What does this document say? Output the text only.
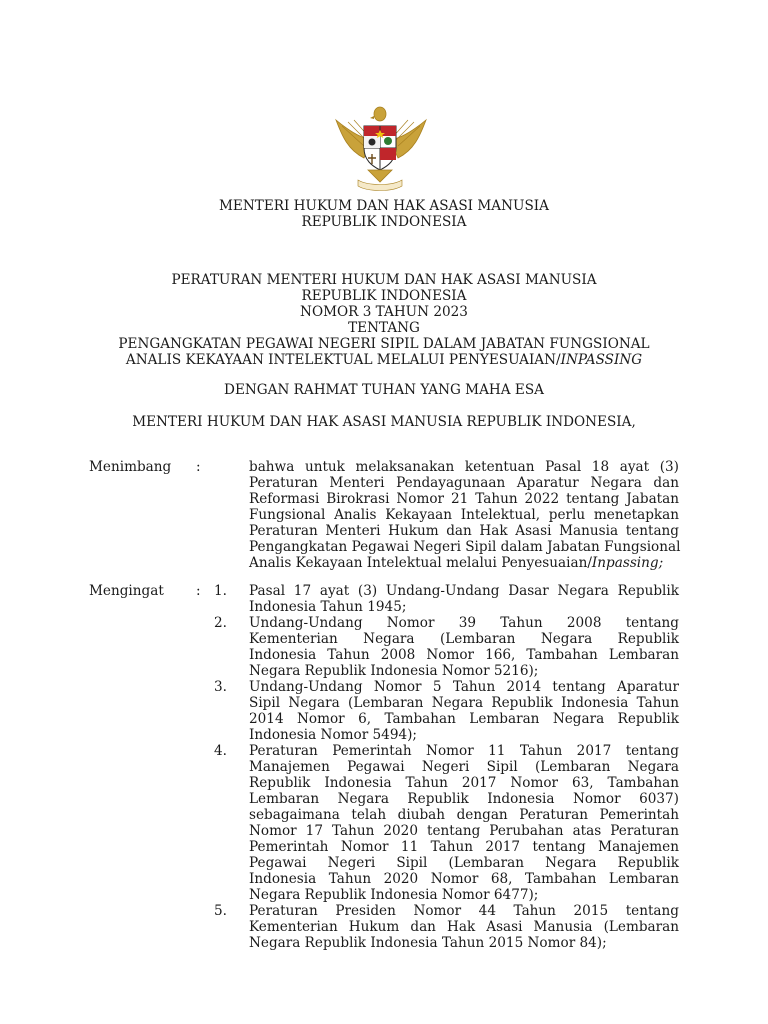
MENTERI HUKUM DAN HAK ASASI MANUSIA
REPUBLIK INDONESIA
PERATURAN MENTERI HUKUM DAN HAK ASASI MANUSIA
REPUBLIK INDONESIA
NOMOR 3 TAHUN 2023
TENTANG
PENGANGKATAN PEGAWAI NEGERI SIPIL DALAM JABATAN FUNGSIONAL
ANALIS KEKAYAAN INTELEKTUAL MELALUI PENYESUAIAN/INPASSING
DENGAN RAHMAT TUHAN YANG MAHA ESA
MENTERI HUKUM DAN HAK ASASI MANUSIA REPUBLIK INDONESIA,
Menimbang :	bahwa untuk melaksanakan ketentuan Pasal 18 ayat (3)
Peraturan Menteri Pendayagunaan Aparatur Negara dan
Reformasi Birokrasi Nomor 21 Tahun 2022 tentang Jabatan
Fungsional Analis Kekayaan Intelektual, perlu menetapkan
Peraturan Menteri Hukum dan Hak Asasi Manusia tentang
Pengangkatan Pegawai Negeri Sipil dalam Jabatan Fungsional
Analis Kekayaan Intelektual melalui Penyesuaian/Inpassing;
Mengingat : 1. Pasal 17 ayat (3) Undang-Undang Dasar Negara Republik
Indonesia Tahun 1945;
2. Undang-Undang Nomor 39 Tahun 2008 tentang
Kementerian Negara (Lembaran Negara Republik
Indonesia Tahun 2008 Nomor 166, Tambahan Lembaran
Negara Republik Indonesia Nomor 5216);
3. Undang-Undang Nomor 5 Tahun 2014 tentang Aparatur
Sipil Negara (Lembaran Negara Republik Indonesia Tahun
2014 Nomor 6, Tambahan Lembaran Negara Republik
Indonesia Nomor 5494);
4. Peraturan Pemerintah Nomor 11 Tahun 2017 tentang
Manajemen Pegawai Negeri Sipil (Lembaran Negara
Republik Indonesia Tahun 2017 Nomor 63, Tambahan
Lembaran Negara Republik Indonesia Nomor 6037)
sebagaimana telah diubah dengan Peraturan Pemerintah
Nomor 17 Tahun 2020 tentang Perubahan atas Peraturan
Pemerintah Nomor 11 Tahun 2017 tentang Manajemen
Pegawai Negeri Sipil (Lembaran Negara Republik
Indonesia Tahun 2020 Nomor 68, Tambahan Lembaran
Negara Republik Indonesia Nomor 6477);
5. Peraturan Presiden Nomor 44 Tahun 2015 tentang
Kementerian Hukum dan Hak Asasi Manusia (Lembaran
Negara Republik Indonesia Tahun 2015 Nomor 84);
